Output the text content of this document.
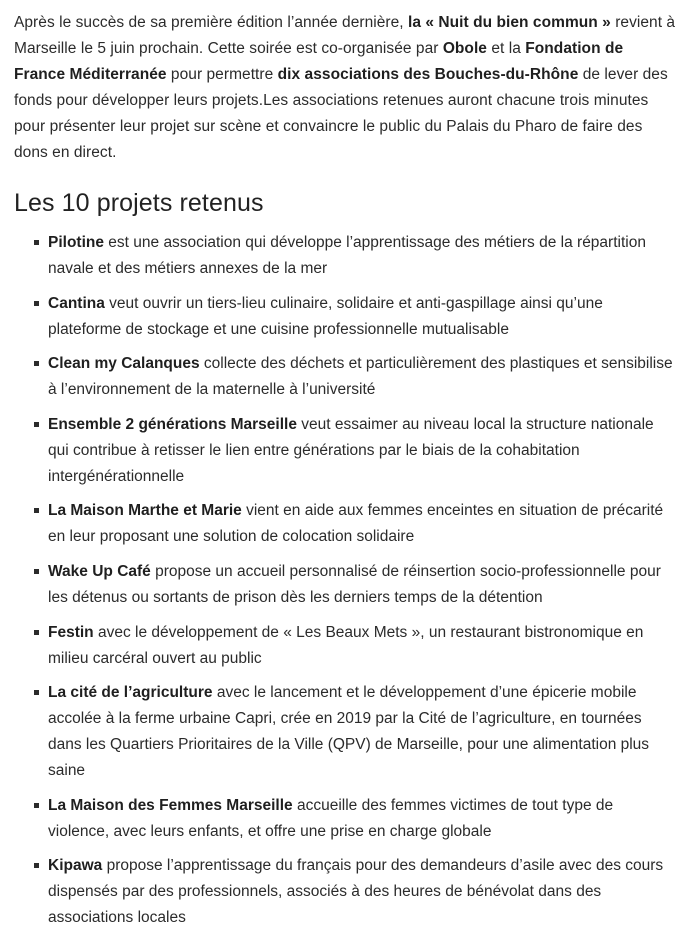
Après le succès de sa première édition l’année dernière, la « Nuit du bien commun » revient à Marseille le 5 juin prochain. Cette soirée est co-organisée par Obole et la Fondation de France Méditerranée pour permettre dix associations des Bouches-du-Rhône de lever des fonds pour développer leurs projets.Les associations retenues auront chacune trois minutes pour présenter leur projet sur scène et convaincre le public du Palais du Pharo de faire des dons en direct.

Les 10 projets retenus
Pilotine est une association qui développe l’apprentissage des métiers de la répartition navale et des métiers annexes de la mer
Cantina veut ouvrir un tiers-lieu culinaire, solidaire et anti-gaspillage ainsi qu’une plateforme de stockage et une cuisine professionnelle mutualisable
Clean my Calanques collecte des déchets et particulièrement des plastiques et sensibilise à l’environnement de la maternelle à l’université
Ensemble 2 générations Marseille veut essaimer au niveau local la structure nationale qui contribue à retisser le lien entre générations par le biais de la cohabitation intergénérationnelle
La Maison Marthe et Marie vient en aide aux femmes enceintes en situation de précarité en leur proposant une solution de colocation solidaire
Wake Up Café propose un accueil personnalisé de réinsertion socio-professionnelle pour les détenus ou sortants de prison dès les derniers temps de la détention
Festin avec le développement de « Les Beaux Mets », un restaurant bistronomique en milieu carcéral ouvert au public
La cité de l’agriculture avec le lancement et le développement d’une épicerie mobile accolée à la ferme urbaine Capri, crée en 2019 par la Cité de l’agriculture, en tournées dans les Quartiers Prioritaires de la Ville (QPV) de Marseille, pour une alimentation plus saine
La Maison des Femmes Marseille accueille des femmes victimes de tout type de violence, avec leurs enfants, et offre une prise en charge globale
Kipawa propose l’apprentissage du français pour des demandeurs d’asile avec des cours dispensés par des professionnels, associés à des heures de bénévolat dans des associations locales
